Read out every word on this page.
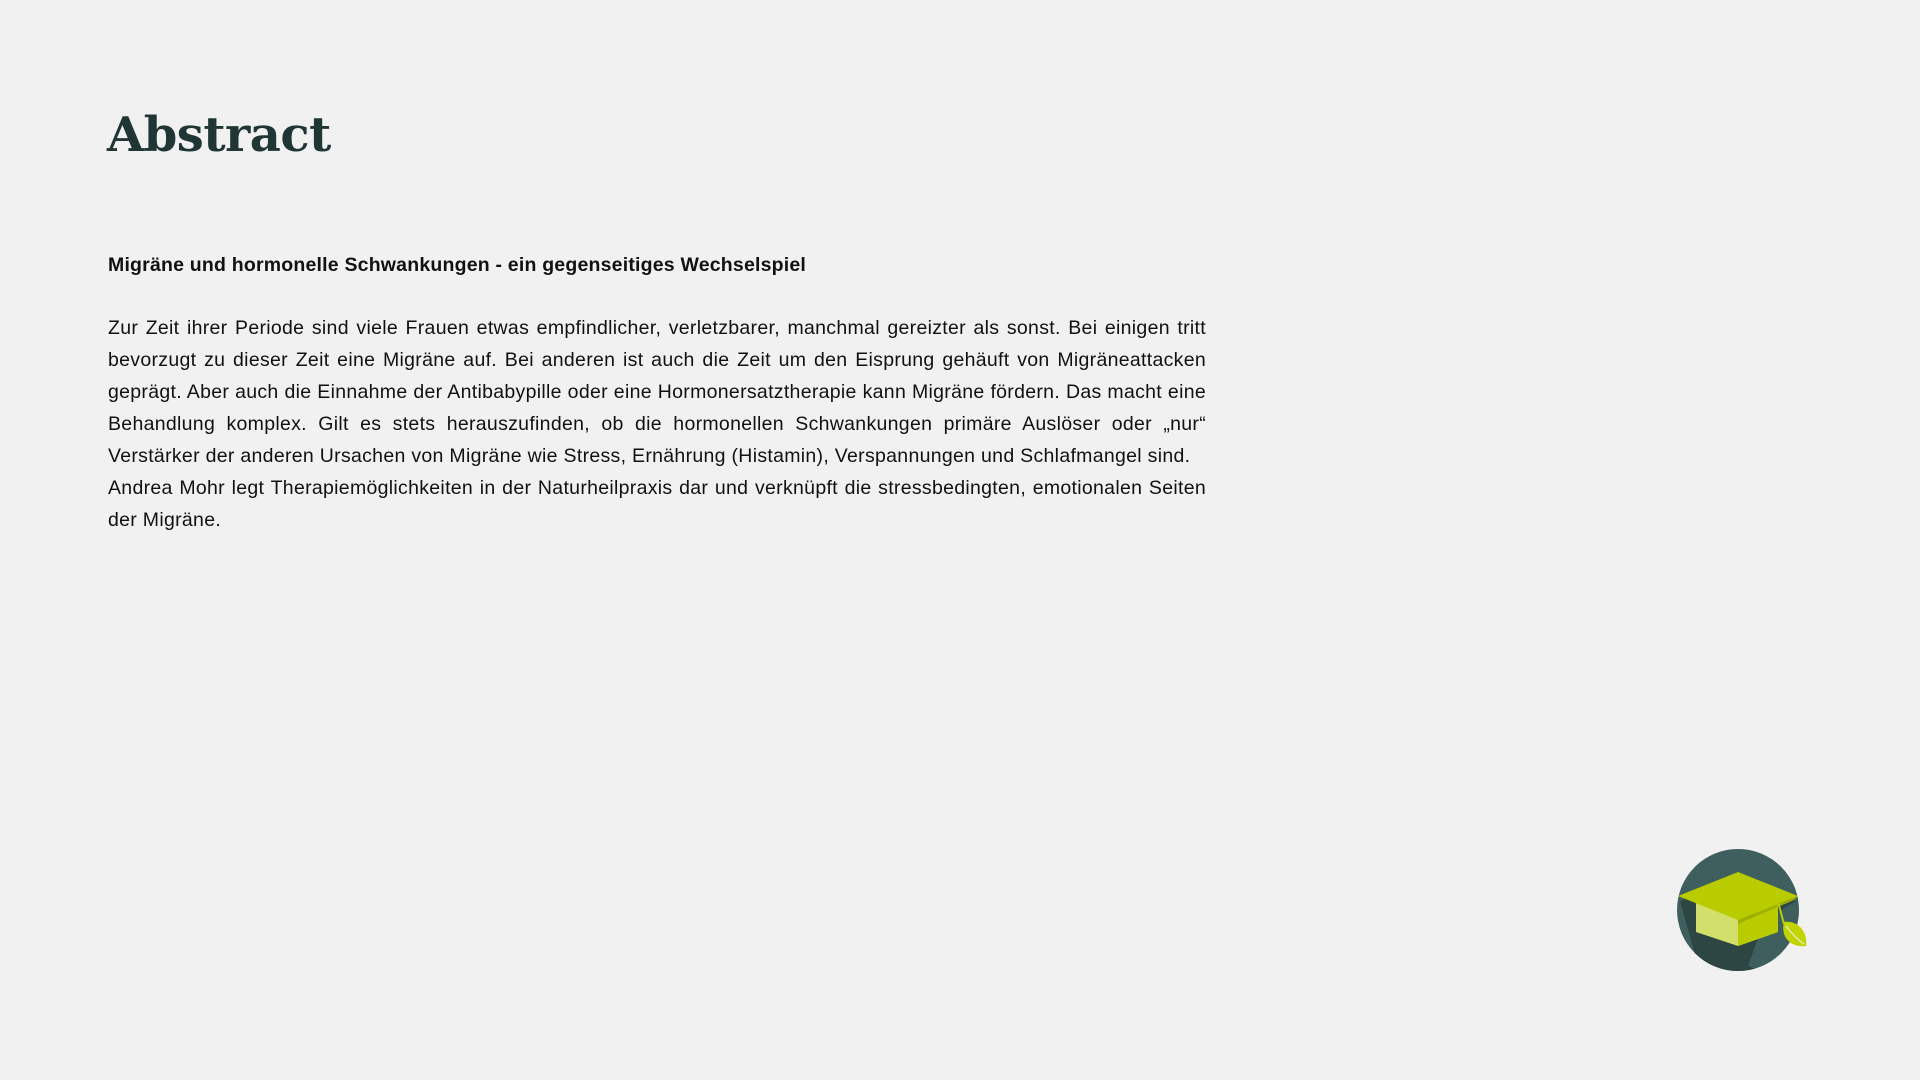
Abstract
Migräne und hormonelle Schwankungen - ein gegenseitiges Wechselspiel

Zur Zeit ihrer Periode sind viele Frauen etwas empfindlicher, verletzbarer, manchmal gereizter als sonst. Bei einigen tritt bevorzugt zu dieser Zeit eine Migräne auf. Bei anderen ist auch die Zeit um den Eisprung gehäuft von Migräneattacken geprägt. Aber auch die Einnahme der Antibabypille oder eine Hormonersatztherapie kann Migräne fördern. Das macht eine Behandlung komplex. Gilt es stets herauszufinden, ob die hormonellen Schwankungen primäre Auslöser oder „nur“ Verstärker der anderen Ursachen von Migräne wie Stress, Ernährung (Histamin), Verspannungen und Schlafmangel sind.

Andrea Mohr legt Therapiemöglichkeiten in der Naturheilpraxis dar und verknüpft die stressbedingten, emotionalen Seiten der Migräne.
